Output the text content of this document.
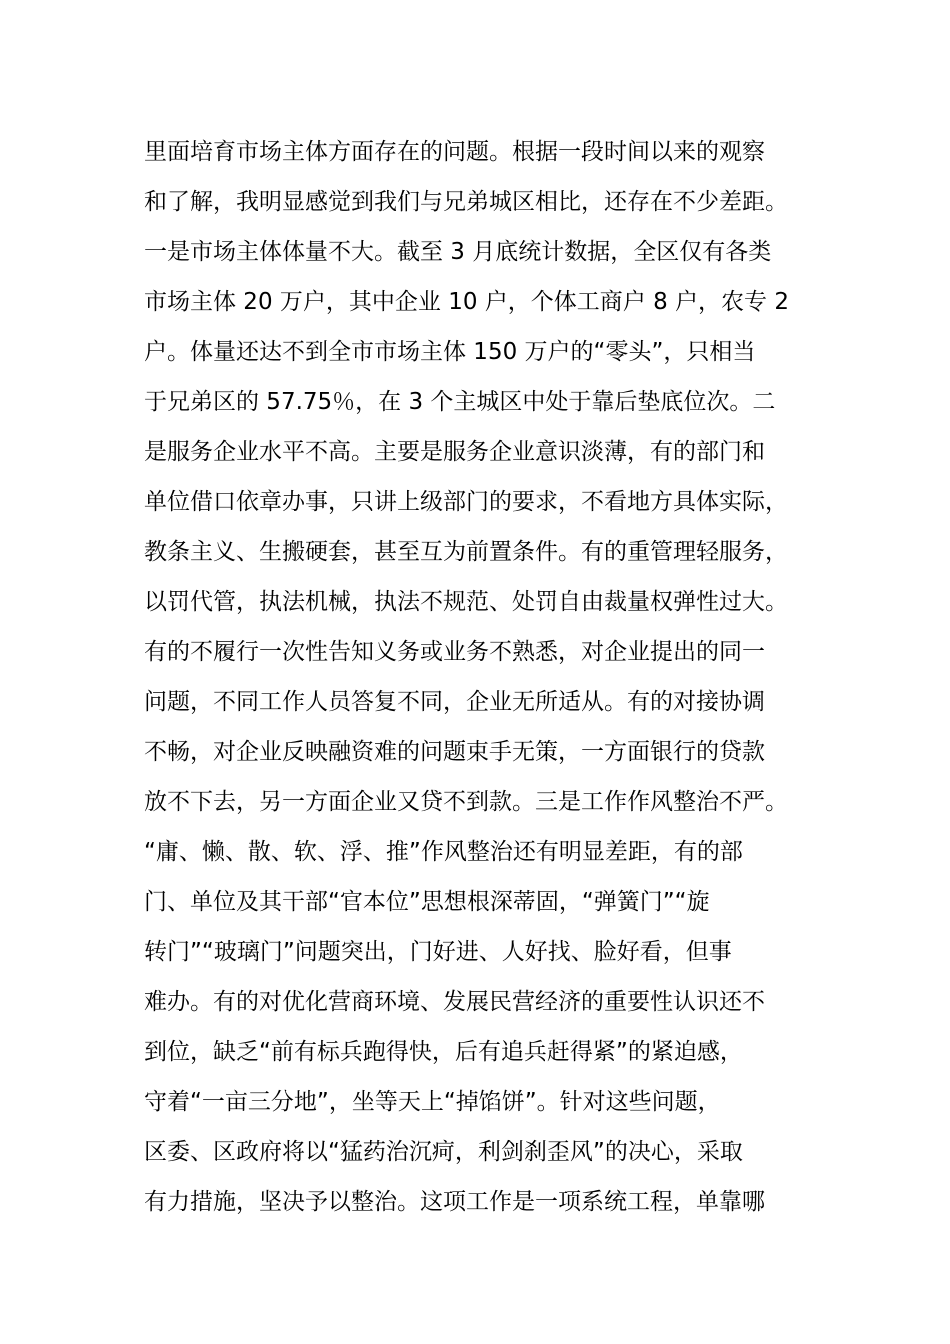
里面培育市场主体方面存在的问题。根据一段时间以来的观察
和了解，我明显感觉到我们与兄弟城区相比，还存在不少差距。
一是市场主体体量不大。截至 3 月底统计数据，全区仅有各类
市场主体 20 万户，其中企业 10 户，个体工商户 8 户，农专 2
户。体量还达不到全市市场主体 150 万户的“零头”，只相当
于兄弟区的 57.75％，在 3 个主城区中处于靠后垫底位次。二
是服务企业水平不高。主要是服务企业意识淡薄，有的部门和
单位借口依章办事，只讲上级部门的要求，不看地方具体实际，
教条主义、生搬硬套，甚至互为前置条件。有的重管理轻服务，
以罚代管，执法机械，执法不规范、处罚自由裁量权弹性过大。
有的不履行一次性告知义务或业务不熟悉，对企业提出的同一
问题，不同工作人员答复不同，企业无所适从。有的对接协调
不畅，对企业反映融资难的问题束手无策，一方面银行的贷款
放不下去，另一方面企业又贷不到款。三是工作作风整治不严。
“庸、懒、散、软、浮、推”作风整治还有明显差距，有的部
门、单位及其干部“官本位”思想根深蒂固，“弹簧门”“旋
转门”“玻璃门”问题突出，门好进、人好找、脸好看，但事
难办。有的对优化营商环境、发展民营经济的重要性认识还不
到位，缺乏“前有标兵跑得快，后有追兵赶得紧”的紧迫感，
守着“一亩三分地”，坐等天上“掉馅饼”。针对这些问题，
区委、区政府将以“猛药治沉疴，利剑刹歪风”的决心，采取
有力措施，坚决予以整治。这项工作是一项系统工程，单靠哪
